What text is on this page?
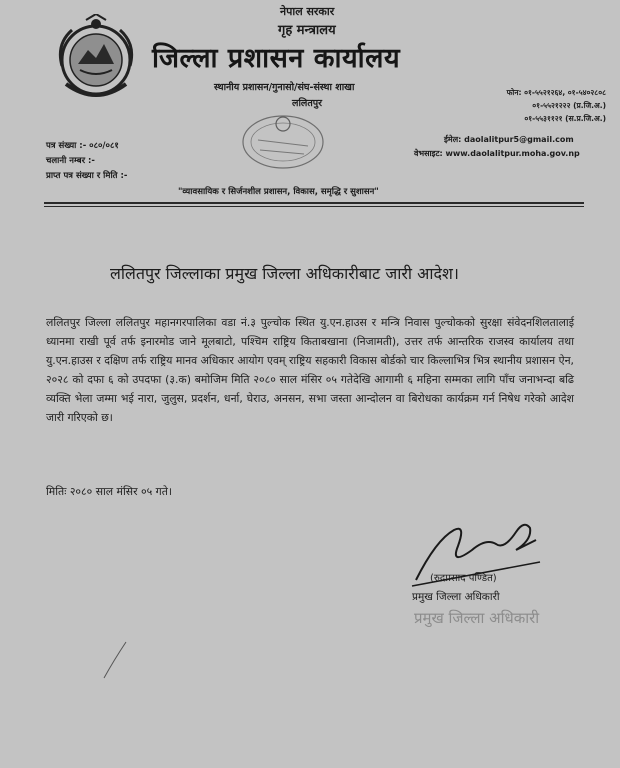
नेपाल सरकार
गृह मन्त्रालय
जिल्ला प्रशासन कार्यालय
स्थानीय प्रशासन/गुनासो/संघ-संस्था शाखा
ललितपुर
फोन: ०१-५५२१२६४, ०१-५४०२८०८
०१-५५२१२२२ (प्र.जि.अ.)
०१-५५३११२१ (स.प्र.जि.अ.)
ईमेल: daolalitpur5@gmail.com
वेभसाइट: www.daolalitpur.moha.gov.np
पत्र संख्या :- ०८०/०८१
चलानी नम्बर :-
प्राप्त पत्र संख्या र मिति :-
"व्यावसायिक र सिर्जनशील प्रशासन, विकास, समृद्धि र सुशासन"
ललितपुर जिल्लाका प्रमुख जिल्ला अधिकारीबाट जारी आदेश।
ललितपुर जिल्ला ललितपुर महानगरपालिका वडा नं.३ पुल्चोक स्थित यु.एन.हाउस र मन्त्रि निवास पुल्चोकको सुरक्षा संवेदनशिलतालाई ध्यानमा राखी पूर्व तर्फ इनारमोड जाने मूलबाटो, पश्चिम राष्ट्रिय किताबखाना (निजामती), उत्तर तर्फ आन्तरिक राजस्व कार्यालय तथा यु.एन.हाउस र दक्षिण तर्फ राष्ट्रिय मानव अधिकार आयोग एवम् राष्ट्रिय सहकारी विकास बोर्डको चार किल्लाभित्र भित्र स्थानीय प्रशासन ऐन, २०२८ को दफा ६ को उपदफा (३.क) बमोजिम मिति २०८० साल मंसिर ०५ गतेदेखि आगामी ६ महिना सम्मका लागि पाँच जनाभन्दा बढि व्यक्ति भेला जम्मा भई नारा, जुलुस, प्रदर्शन, धर्ना, घेराउ, अनसन, सभा जस्ता आन्दोलन वा बिरोधका कार्यक्रम गर्न निषेध गरेको आदेश जारी गरिएको छ।
मितिः २०८० साल मंसिर ०५ गते।
(रुद्रप्रसाद पण्डित)
प्रमुख जिल्ला अधिकारी
प्रमुख जिल्ला अधिकारी
